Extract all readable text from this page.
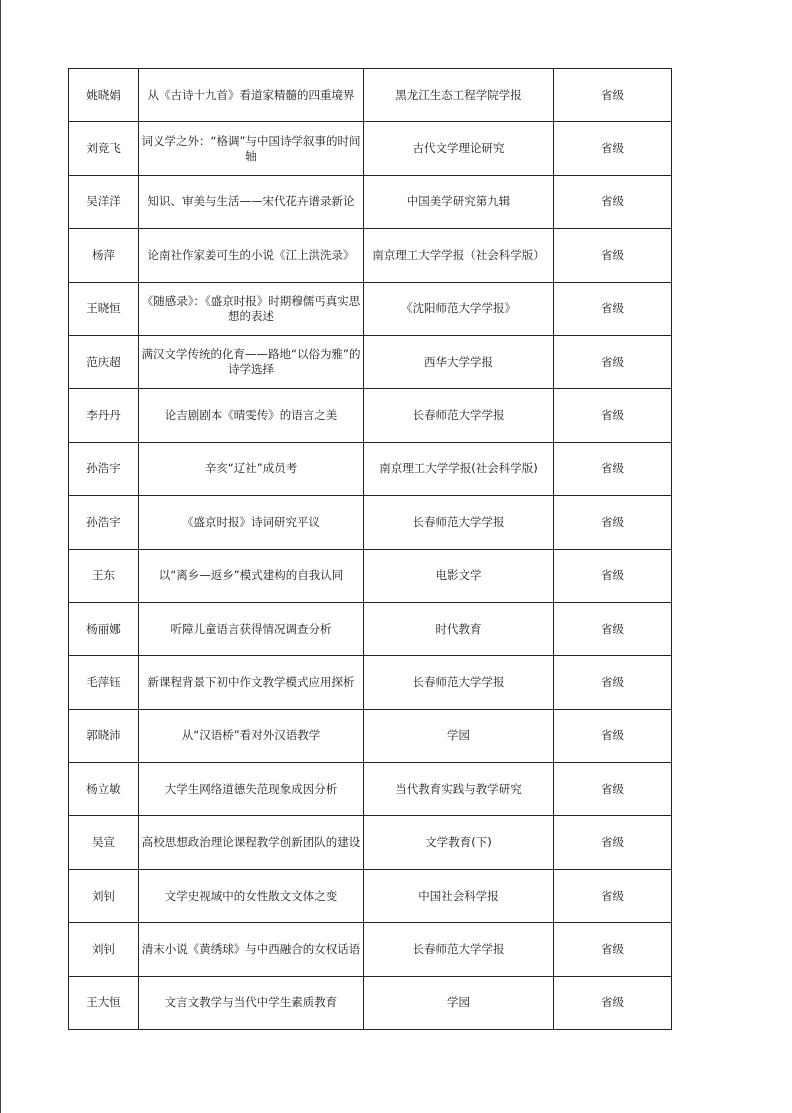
姚晓娟	从《古诗十九首》看道家精髓的四重境界	黑龙江生态工程学院学报	省级
刘竞飞	词义学之外：“格调”与中国诗学叙事的时间轴	古代文学理论研究	省级
吴洋洋	知识、审美与生活——宋代花卉谱录新论	中国美学研究第九辑	省级
杨萍	论南社作家姜可生的小说《江上洪洗录》	南京理工大学学报（社会科学版）	省级
王晓恒	《随感录》：《盛京时报》时期穆儒丐真实思想的表述	《沈阳师范大学学报》	省级
范庆超	满汉文学传统的化育——路地“以俗为雅”的诗学选择	西华大学学报	省级
李丹丹	论吉剧剧本《晴雯传》的语言之美	长春师范大学学报	省级
孙浩宇	辛亥“辽社”成员考	南京理工大学学报(社会科学版)	省级
孙浩宇	《盛京时报》诗词研究平议	长春师范大学学报	省级
王东	以“离乡—返乡”模式建构的自我认同	电影文学	省级
杨丽娜	听障儿童语言获得情况调查分析	时代教育	省级
毛萍钰	新课程背景下初中作文教学模式应用探析	长春师范大学学报	省级
郭晓沛	从“汉语桥”看对外汉语教学	学园	省级
杨立敏	大学生网络道德失范现象成因分析	当代教育实践与教学研究	省级
吴宣	高校思想政治理论课程教学创新团队的建设	文学教育(下)	省级
刘钊	文学史视域中的女性散文文体之变	中国社会科学报	省级
刘钊	清末小说《黄绣球》与中西融合的女权话语	长春师范大学学报	省级
王大恒	文言文教学与当代中学生素质教育	学园	省级
